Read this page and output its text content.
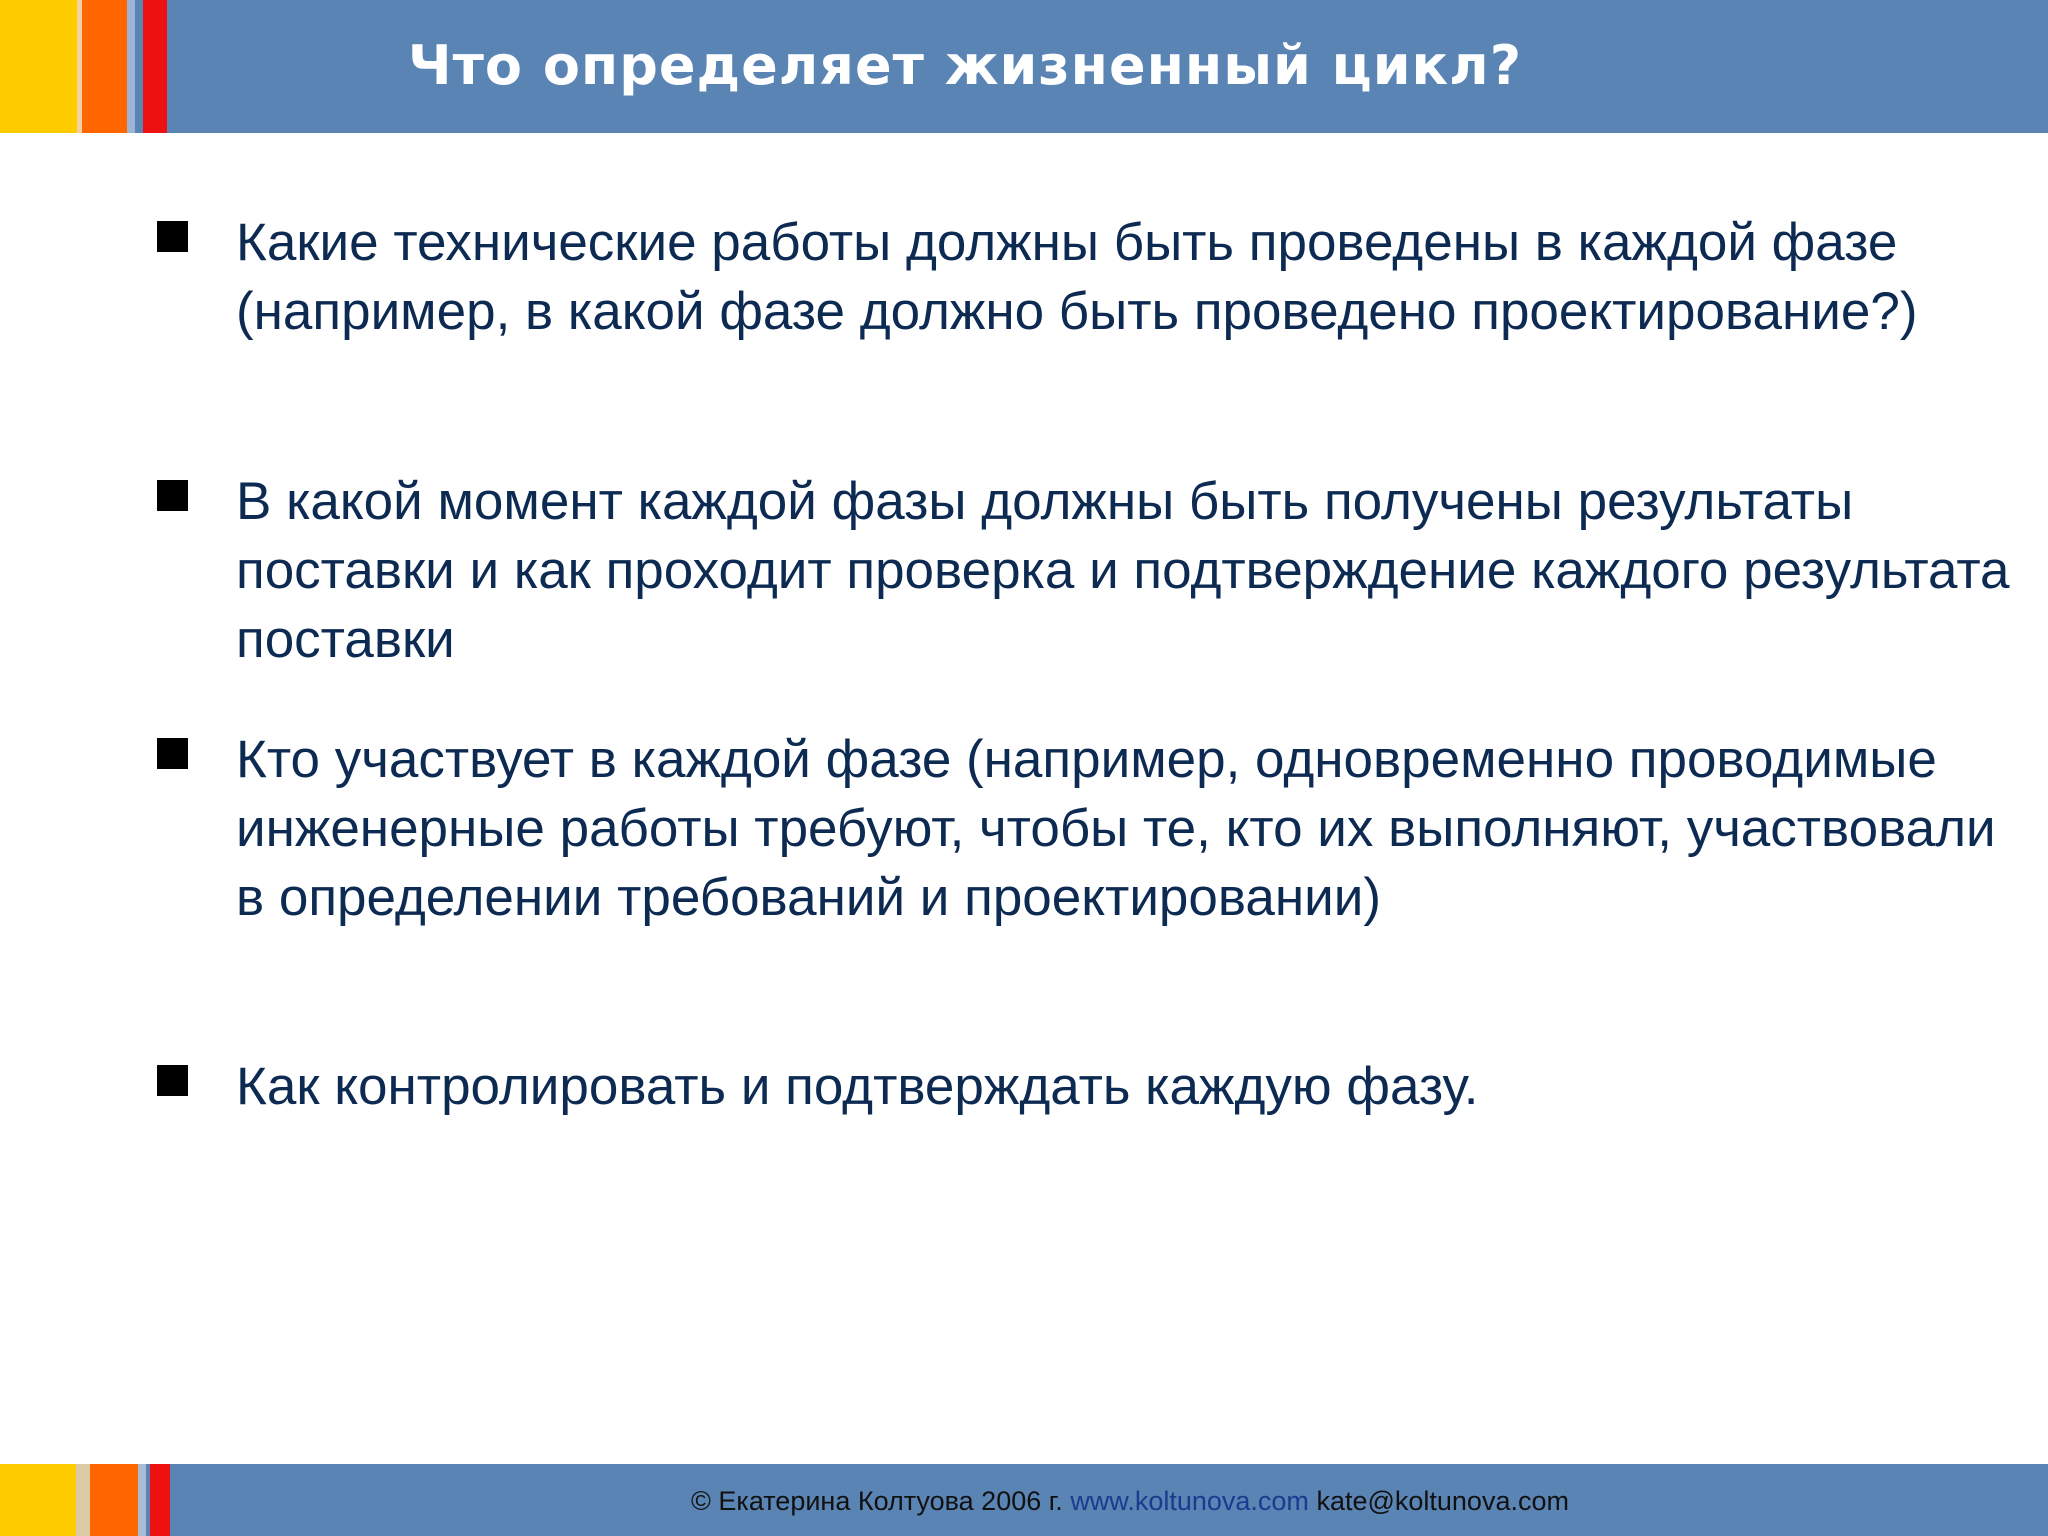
Что определяет жизненный цикл?

Какие технические работы должны быть проведены в каждой фазе (например, в какой фазе должно быть проведено проектирование?)

В какой момент каждой фазы должны быть получены результаты поставки и как проходит проверка и подтверждение каждого результата поставки

Кто участвует в каждой фазе (например, одновременно проводимые инженерные работы требуют, чтобы те, кто их выполняют, участвовали в определении требований и проектировании)

Как контролировать и подтверждать каждую фазу.

© Екатерина Колтуова 2006 г. www.koltunova.com kate@koltunova.com
